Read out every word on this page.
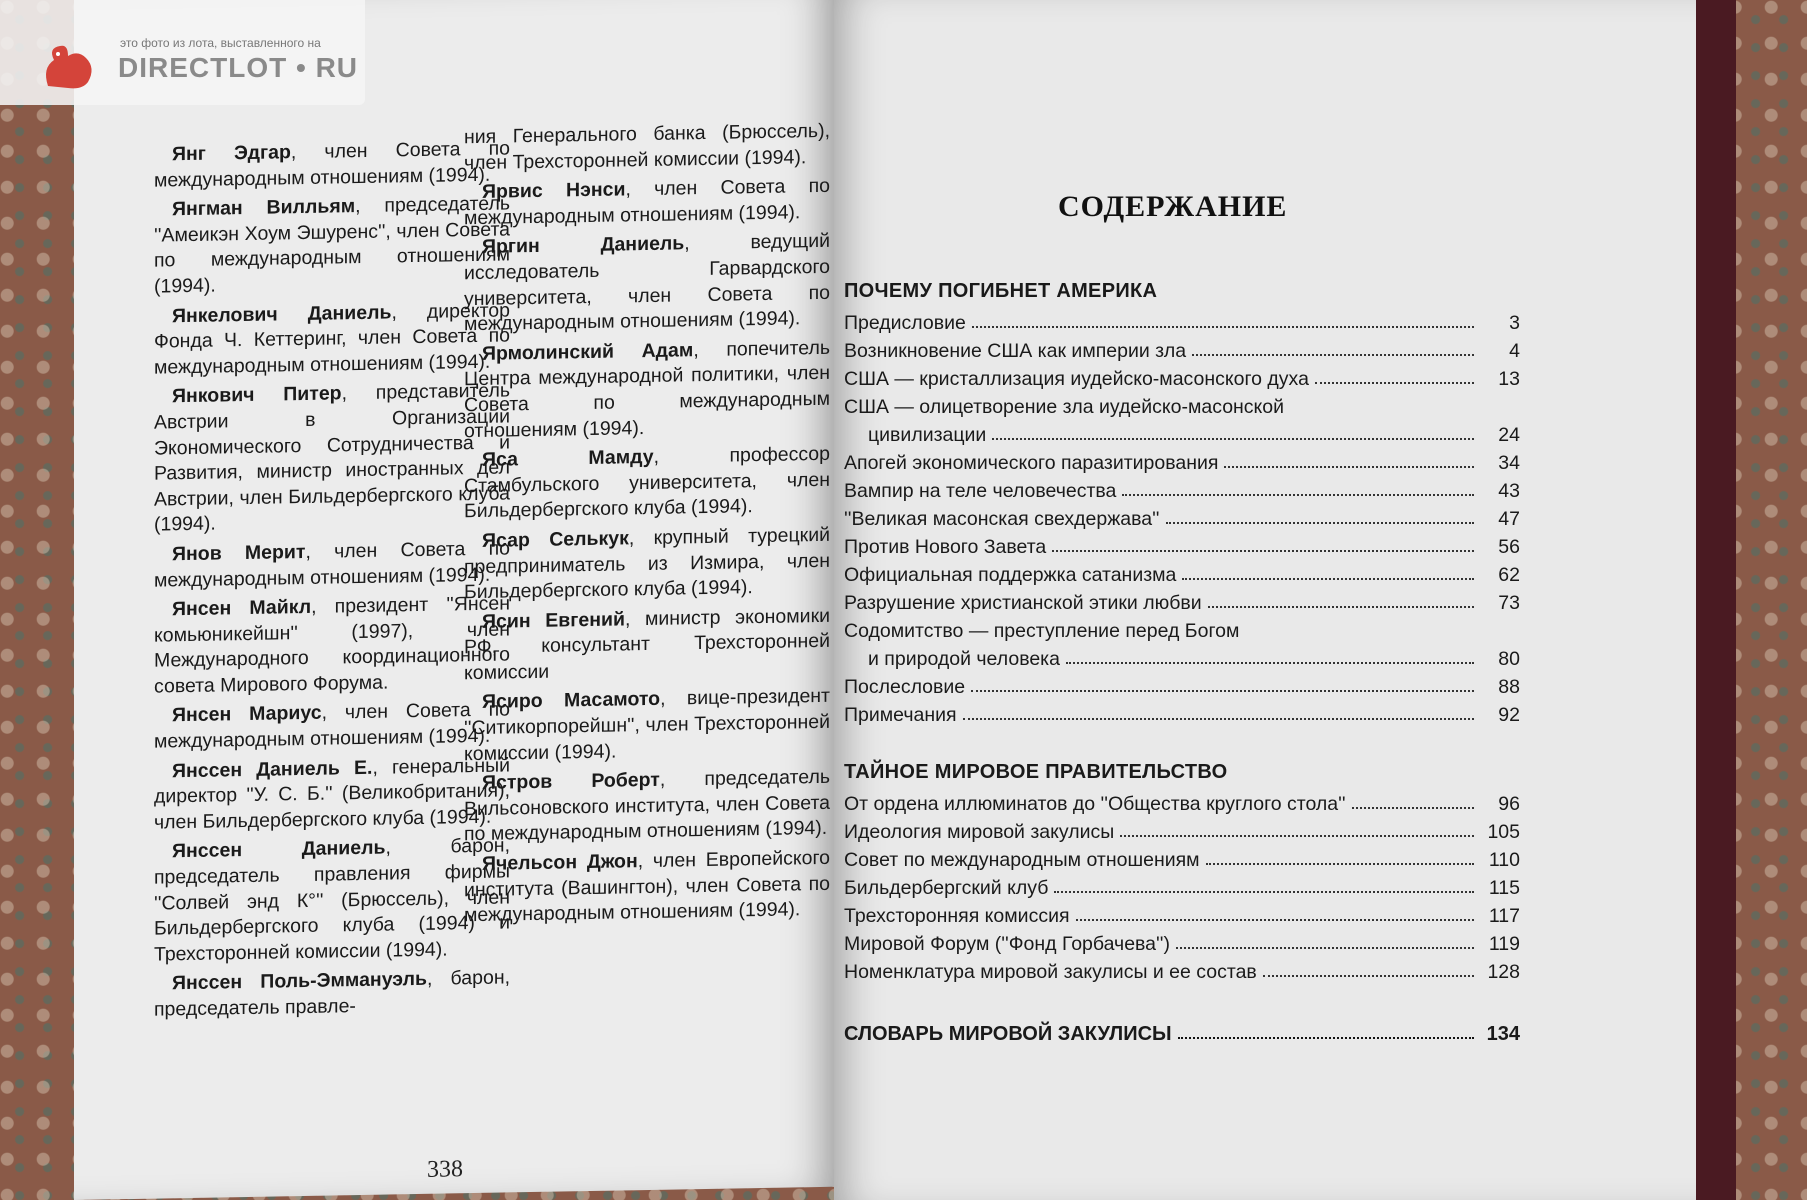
это фото из лота, выставленного на
DIRECTLOT • RU

Янг Эдгар, член Совета по международным отношениям (1994).

Янгман Вилльям, председатель ''Амеикэн Хоум Эшуренс'', член Совета по международным отношениям (1994).

Янкелович Даниель, директор Фонда Ч. Кеттеринг, член Совета по международным отношениям (1994).

Янкович Питер, представитель Австрии в Организации Экономического Сотрудничества и Развития, министр иностранных дел Австрии, член Бильдербергского клуба (1994).

Янов Мерит, член Совета по международным отношениям (1994).

Янсен Майкл, президент ''Янсен комьюникейшн'' (1997), член Международного координационного совета Мирового Форума.

Янсен Мариус, член Совета по международным отношениям (1994).

Янссен Даниель Е., генеральный директор ''У. С. Б.'' (Великобритания), член Бильдербергского клуба (1994).

Янссен Даниель, барон, председатель правления фирмы ''Солвей энд К°'' (Брюссель), член Бильдербергского клуба (1994) и Трехсторонней комиссии (1994).

Янссен Поль-Эммануэль, барон, председатель правле-

ния Генерального банка (Брюссель), член Трехсторонней комиссии (1994).

Ярвис Нэнси, член Совета по международным отношениям (1994).

Яргин Даниель, ведущий исследователь Гарвардского университета, член Совета по международным отношениям (1994).

Ярмолинский Адам, попечитель Центра международной политики, член Совета по международным отношениям (1994).

Яса Мамду, профессор Стамбульского университета, член Бильдербергского клуба (1994).

Ясар Селькук, крупный турецкий предприниматель из Измира, член Бильдербергского клуба (1994).

Ясин Евгений, министр экономики РФ, консультант Трехсторонней комиссии

Ясиро Масамото, вице-президент ''Ситикорпорейшн'', член Трехсторонней комиссии (1994).

Ястров Роберт, председатель Вильсоновского института, член Совета по международным отношениям (1994).

Ячельсон Джон, член Европейского института (Вашингтон), член Совета по международным отношениям (1994).

338
СОДЕРЖАНИЕ
ПОЧЕМУ ПОГИБНЕТ АМЕРИКА
Предисловие	3
Возникновение США как империи зла	4
США — кристаллизация иудейско-масонского духа	13
США — олицетворение зла иудейско-масонской
цивилизации	24
Апогей экономического паразитирования	34
Вампир на теле человечества	43
''Великая масонская свехдержава''	47
Против Нового Завета	56
Официальная поддержка сатанизма	62
Разрушение христианской этики любви	73
Содомитство — преступление перед Богом
и природой человека	80
Послесловие	88
Примечания	92
ТАЙНОЕ МИРОВОЕ ПРАВИТЕЛЬСТВО
От ордена иллюминатов до ''Общества круглого стола''	96
Идеология мировой закулисы	105
Совет по международным отношениям	110
Бильдербергский клуб	115
Трехсторонняя комиссия	117
Мировой Форум (''Фонд Горбачева'')	119
Номенклатура мировой закулисы и ее состав	128
СЛОВАРЬ МИРОВОЙ ЗАКУЛИСЫ	134
